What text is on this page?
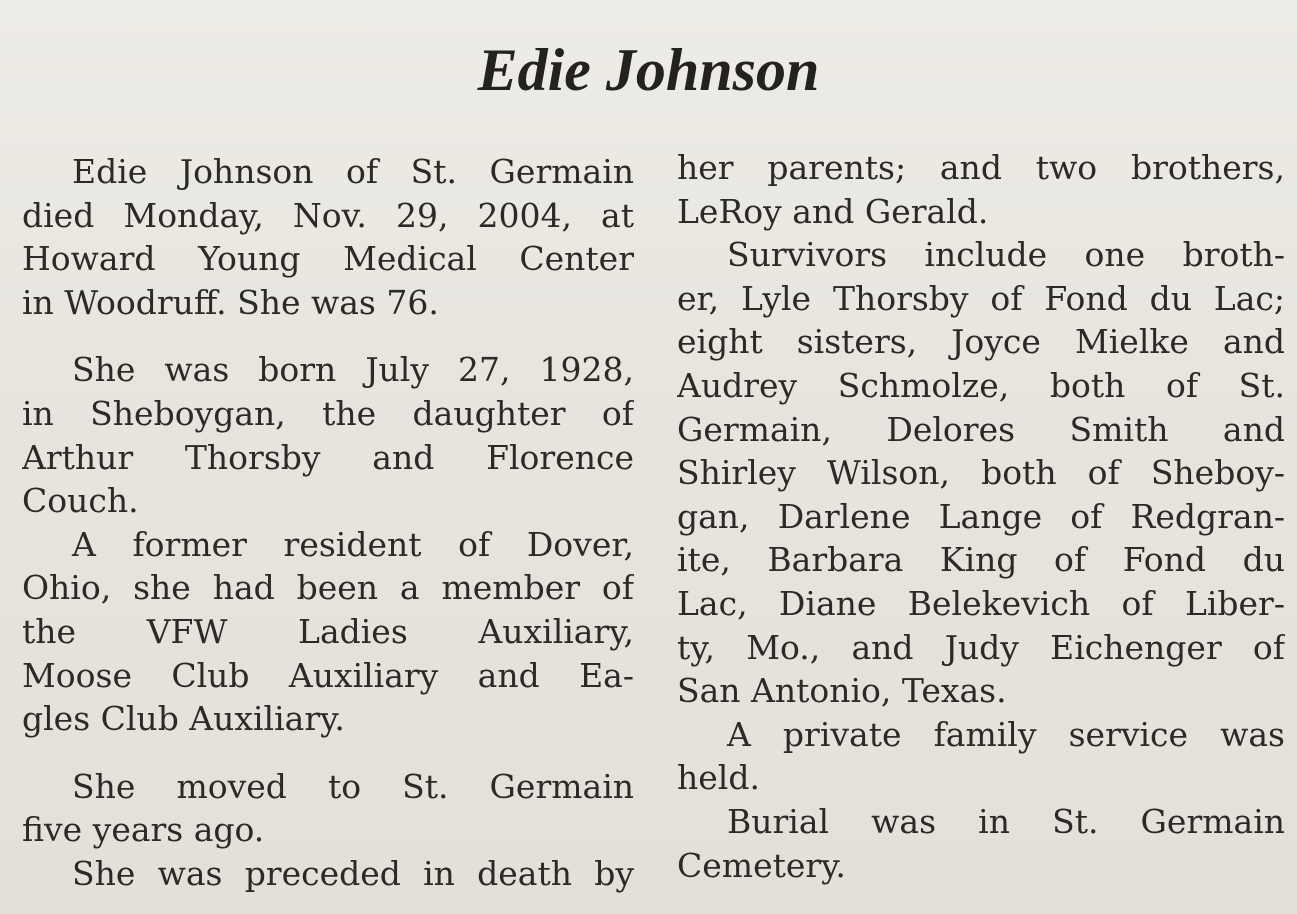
Edie Johnson
Edie Johnson of St. Germain
died Monday, Nov. 29, 2004, at
Howard Young Medical Center
in Woodruff. She was 76.
She was born July 27, 1928,
in Sheboygan, the daughter of
Arthur Thorsby and Florence
Couch.
A former resident of Dover,
Ohio, she had been a member of
the VFW Ladies Auxiliary,
Moose Club Auxiliary and Ea-
gles Club Auxiliary.
She moved to St. Germain
five years ago.
She was preceded in death by
her parents; and two brothers,
LeRoy and Gerald.
Survivors include one broth-
er, Lyle Thorsby of Fond du Lac;
eight sisters, Joyce Mielke and
Audrey Schmolze, both of St.
Germain, Delores Smith and
Shirley Wilson, both of Sheboy-
gan, Darlene Lange of Redgran-
ite, Barbara King of Fond du
Lac, Diane Belekevich of Liber-
ty, Mo., and Judy Eichenger of
San Antonio, Texas.
A private family service was
held.
Burial was in St. Germain
Cemetery.
